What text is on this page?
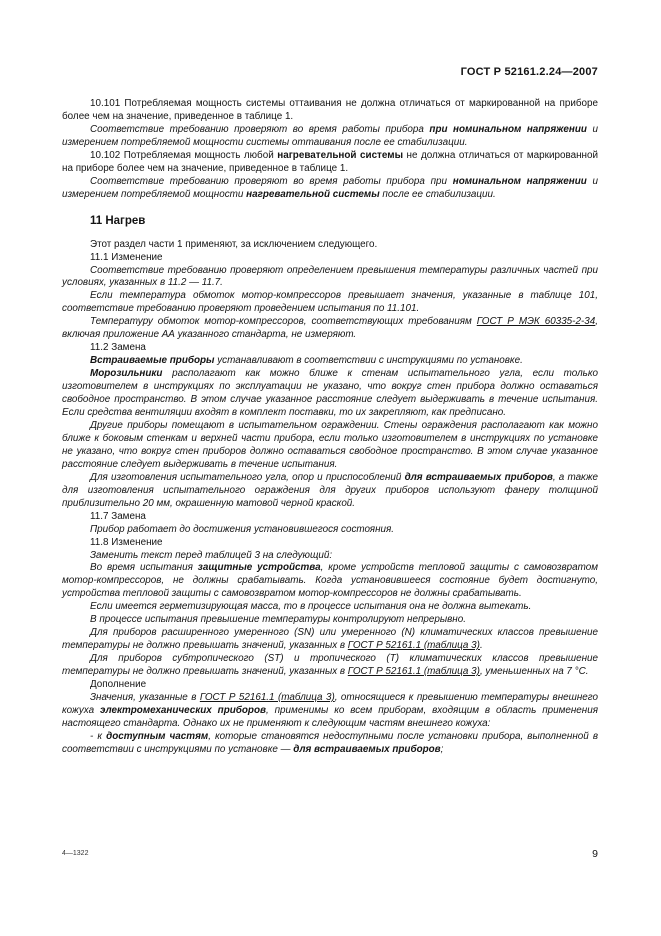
ГОСТ Р 52161.2.24—2007

10.101 Потребляемая мощность системы оттаивания не должна отличаться от маркированной на приборе более чем на значение, приведенное в таблице 1.

Соответствие требованию проверяют во время работы прибора при номинальном напряжении и измерением потребляемой мощности системы оттаивания после ее стабилизации.

10.102 Потребляемая мощность любой нагревательной системы не должна отличаться от маркированной на приборе более чем на значение, приведенное в таблице 1.

Соответствие требованию проверяют во время работы прибора при номинальном напряжении и измерением потребляемой мощности нагревательной системы после ее стабилизации.

11 Нагрев

Этот раздел части 1 применяют, за исключением следующего.

11.1 Изменение

Соответствие требованию проверяют определением превышения температуры различных частей при условиях, указанных в 11.2 — 11.7.

Если температура обмоток мотор-компрессоров превышает значения, указанные в таблице 101, соответствие требованию проверяют проведением испытания по 11.101.

Температуру обмоток мотор-компрессоров, соответствующих требованиям ГОСТ Р МЭК 60335-2-34, включая приложение АА указанного стандарта, не измеряют.

11.2 Замена

Встраиваемые приборы устанавливают в соответствии с инструкциями по установке.

Морозильники располагают как можно ближе к стенам испытательного угла, если только изготовителем в инструкциях по эксплуатации не указано, что вокруг стен прибора должно оставаться свободное пространство. В этом случае указанное расстояние следует выдерживать в течение испытания. Если средства вентиляции входят в комплект поставки, то их закрепляют, как предписано.

Другие приборы помещают в испытательном ограждении. Стены ограждения располагают как можно ближе к боковым стенкам и верхней части прибора, если только изготовителем в инструкциях по установке не указано, что вокруг стен приборов должно оставаться свободное пространство. В этом случае указанное расстояние следует выдерживать в течение испытания.

Для изготовления испытательного угла, опор и приспособлений для встраиваемых приборов, а также для изготовления испытательного ограждения для других приборов используют фанеру толщиной приблизительно 20 мм, окрашенную матовой черной краской.

11.7 Замена

Прибор работает до достижения установившегося состояния.

11.8 Изменение

Заменить текст перед таблицей 3 на следующий:

Во время испытания защитные устройства, кроме устройств тепловой защиты с самовозвратом мотор-компрессоров, не должны срабатывать. Когда установившееся состояние будет достигнуто, устройства тепловой защиты с самовозвратом мотор-компрессоров не должны срабатывать.

Если имеется герметизирующая масса, то в процессе испытания она не должна вытекать.

В процессе испытания превышение температуры контролируют непрерывно.

Для приборов расширенного умеренного (SN) или умеренного (N) климатических классов превышение температуры не должно превышать значений, указанных в ГОСТ Р 52161.1 (таблица 3).

Для приборов субтропического (ST) и тропического (T) климатических классов превышение температуры не должно превышать значений, указанных в ГОСТ Р 52161.1 (таблица 3), уменьшенных на 7 °С.

Дополнение

Значения, указанные в ГОСТ Р 52161.1 (таблица 3), относящиеся к превышению температуры внешнего кожуха электромеханических приборов, применимы ко всем приборам, входящим в область применения настоящего стандарта. Однако их не применяют к следующим частям внешнего кожуха:

- к доступным частям, которые становятся недоступными после установки прибора, выполненной в соответствии с инструкциями по установке — для встраиваемых приборов;

4—1322	9
